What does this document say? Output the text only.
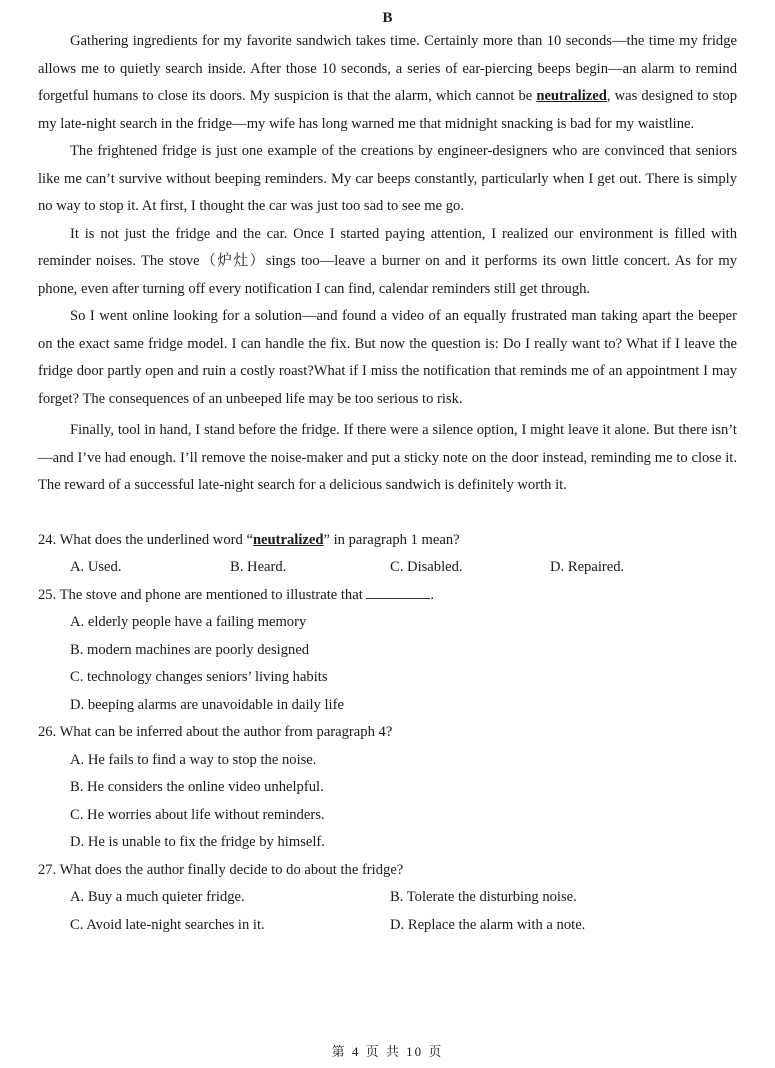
B

Gathering ingredients for my favorite sandwich takes time. Certainly more than 10 seconds—the time my fridge allows me to quietly search inside. After those 10 seconds, a series of ear-piercing beeps begin—an alarm to remind forgetful humans to close its doors. My suspicion is that the alarm, which cannot be neutralized, was designed to stop my late-night search in the fridge—my wife has long warned me that midnight snacking is bad for my waistline.

The frightened fridge is just one example of the creations by engineer-designers who are convinced that seniors like me can’t survive without beeping reminders. My car beeps constantly, particularly when I get out. There is simply no way to stop it. At first, I thought the car was just too sad to see me go.

It is not just the fridge and the car. Once I started paying attention, I realized our environment is filled with reminder noises. The stove（炉灶）sings too—leave a burner on and it performs its own little concert. As for my phone, even after turning off every notification I can find, calendar reminders still get through.

So I went online looking for a solution—and found a video of an equally frustrated man taking apart the beeper on the exact same fridge model. I can handle the fix. But now the question is: Do I really want to? What if I leave the fridge door partly open and ruin a costly roast?What if I miss the notification that reminds me of an appointment I may forget? The consequences of an unbeeped life may be too serious to risk.

Finally, tool in hand, I stand before the fridge. If there were a silence option, I might leave it alone. But there isn’t—and I’ve had enough. I’ll remove the noise-maker and put a sticky note on the door instead, reminding me to close it. The reward of a successful late-night search for a delicious sandwich is definitely worth it.

24. What does the underlined word “neutralized” in paragraph 1 mean?

A. Used.	B. Heard.	C. Disabled.	D. Repaired.

25. The stove and phone are mentioned to illustrate that	.

A. elderly people have a failing memory
B. modern machines are poorly designed
C. technology changes seniors’ living habits
D. beeping alarms are unavoidable in daily life

26. What can be inferred about the author from paragraph 4?

A. He fails to find a way to stop the noise.
B. He considers the online video unhelpful.
C. He worries about life without reminders.
D. He is unable to fix the fridge by himself.

27. What does the author finally decide to do about the fridge?

A. Buy a much quieter fridge.	B. Tolerate the disturbing noise.
C. Avoid late-night searches in it.	D. Replace the alarm with a note.
第 4 页 共 10 页
